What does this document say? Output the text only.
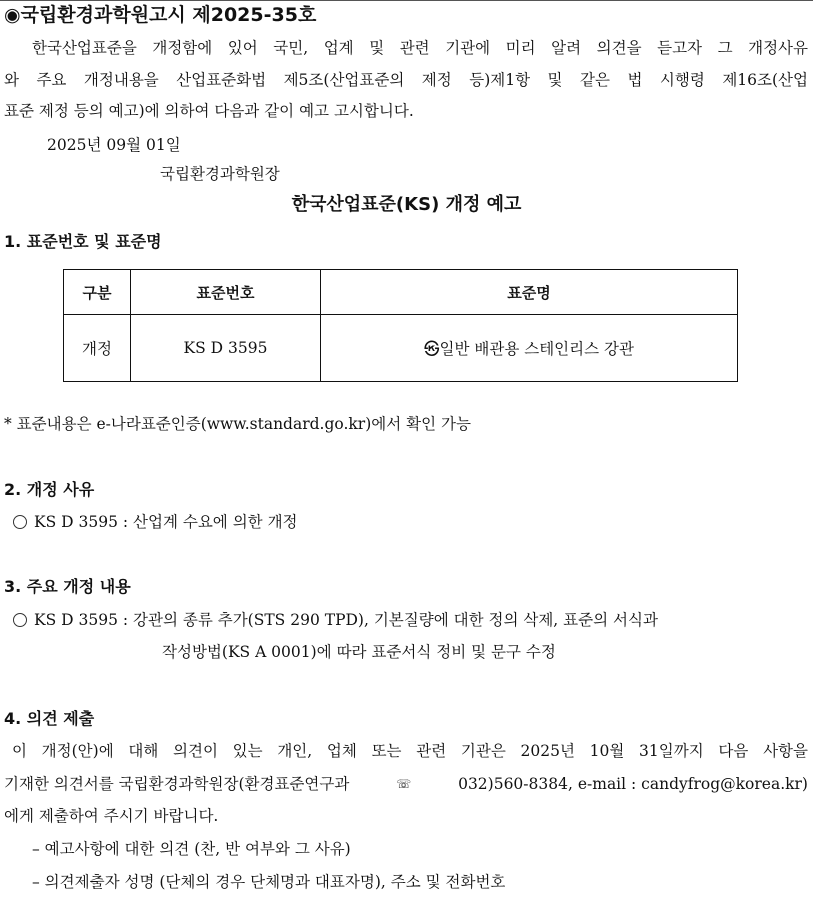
◉국립환경과학원고시 제2025-35호
한국산업표준을 개정함에 있어 국민, 업계 및 관련 기관에 미리 알려 의견을 듣고자 그 개정사유
와 주요 개정내용을 산업표준화법 제5조(산업표준의 제정 등)제1항 및 같은 법 시행령 제16조(산업
표준 제정 등의 예고)에 의하여 다음과 같이 예고 고시합니다.
2025년 09월 01일
국립환경과학원장
한국산업표준(KS) 개정 예고
1. 표준번호 및 표준명
구분	표준번호	표준명
개정	KS D 3595	㉿일반 배관용 스테인리스 강관
* 표준내용은 e-나라표준인증(www.standard.go.kr)에서 확인 가능
2. 개정 사유
KS D 3595 : 산업계 수요에 의한 개정
3. 주요 개정 내용
KS D 3595 : 강관의 종류 추가(STS 290 TPD), 기본질량에 대한 정의 삭제, 표준의 서식과
작성방법(KS A 0001)에 따라 표준서식 정비 및 문구 수정
4. 의견 제출
이 개정(안)에 대해 의견이 있는 개인, 업체 또는 관련 기관은 2025년 10월 31일까지 다음 사항을
기재한 의견서를 국립환경과학원장(환경표준연구과	☏	032)560-8384, e-mail : candyfrog@korea.kr)
에게 제출하여 주시기 바랍니다.
– 예고사항에 대한 의견 (찬, 반 여부와 그 사유)
– 의견제출자 성명 (단체의 경우 단체명과 대표자명), 주소 및 전화번호
